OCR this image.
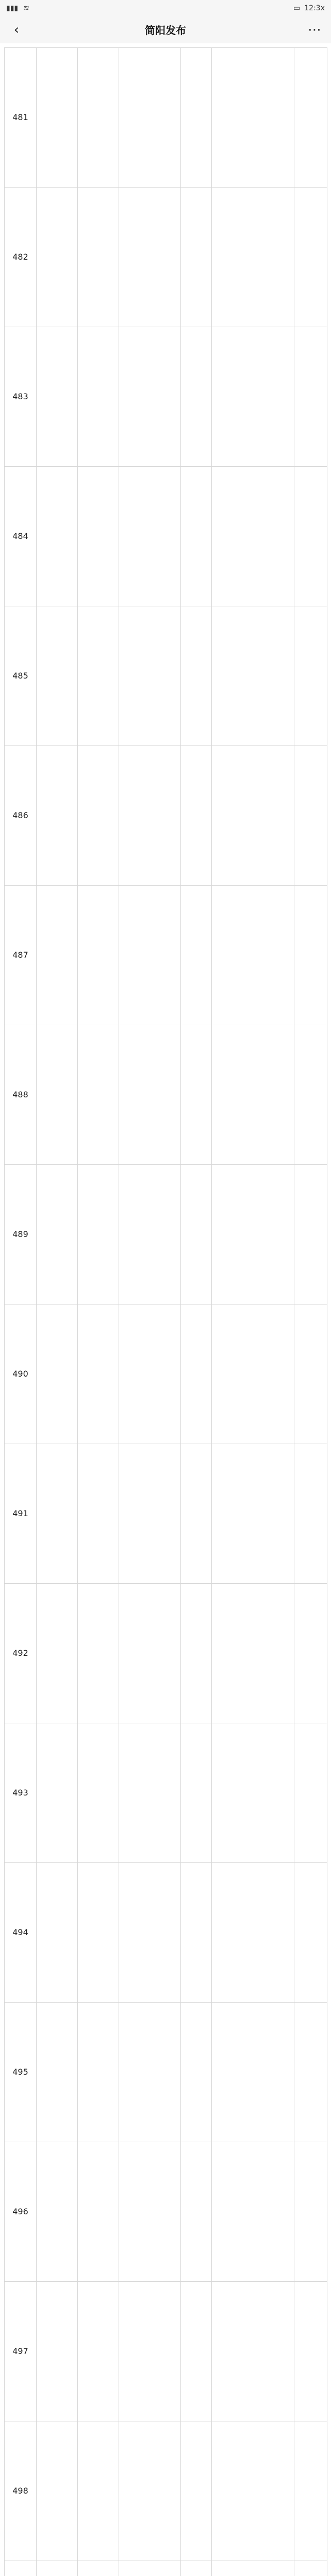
▮▮▮ ≋	▭ 12:3x
‹	简阳发布	⋯
481						
482						
483						
484						
485						
486						
487						
488						
489						
490						
491						
492						
493						
494						
495						
496						
497						
498						
